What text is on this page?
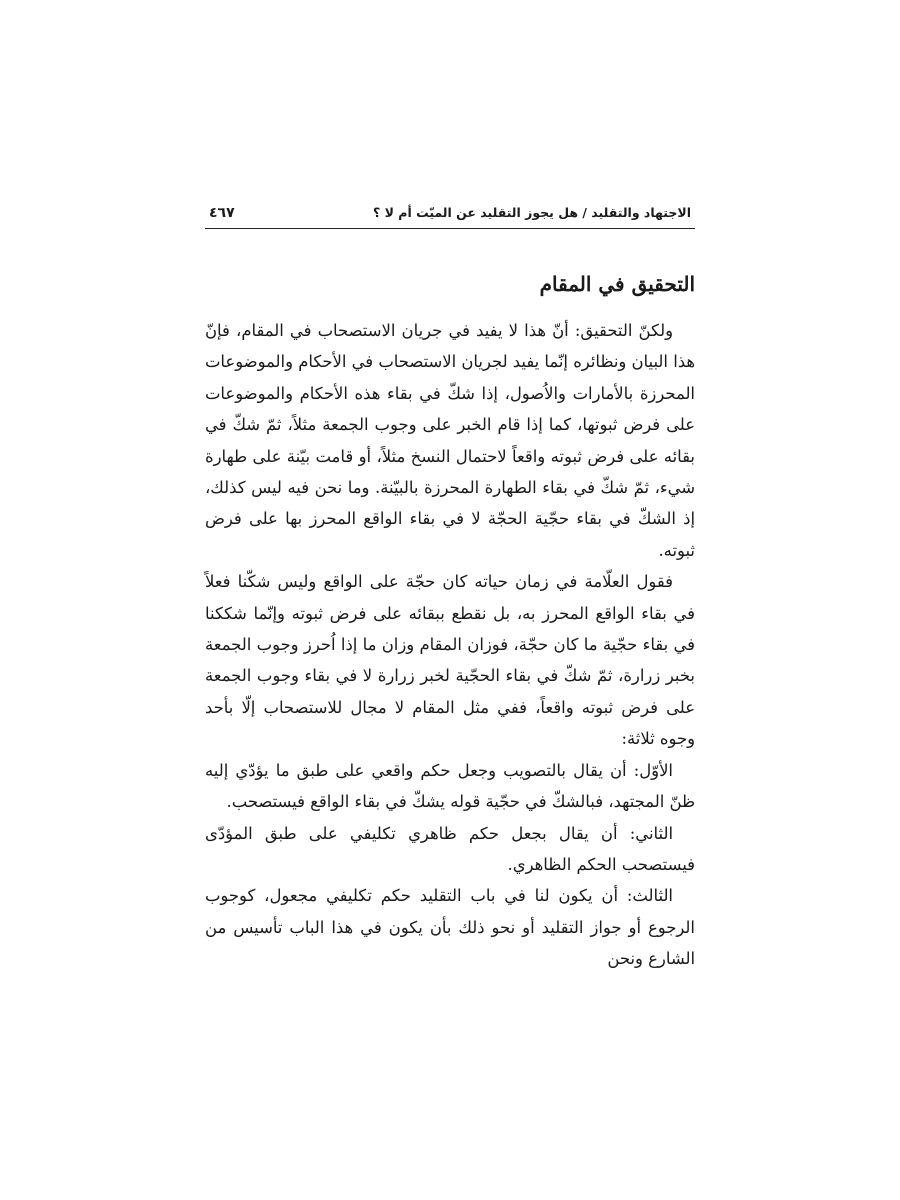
الاجتهاد والتقليد / هل يجوز التقليد عن الميّت أم لا ؟
٤٦٧
التحقيق في المقام

ولكنّ التحقيق: أنّ هذا لا يفيد في جريان الاستصحاب في المقام، فإنّ هذا البيان ونظائره إنّما يفيد لجريان الاستصحاب في الأحكام والموضوعات المحرزة بالأمارات والاُصول، إذا شكّ في بقاء هذه الأحكام والموضوعات على فرض ثبوتها، كما إذا قام الخبر على وجوب الجمعة مثلاً، ثمّ شكّ في بقائه على فرض ثبوته واقعاً لاحتمال النسخ مثلاً، أو قامت بيّنة على طهارة شيء، ثمّ شكّ في بقاء الطهارة المحرزة بالبيّنة. وما نحن فيه ليس كذلك، إذ الشكّ في بقاء حجّية الحجّة لا في بقاء الواقع المحرز بها على فرض ثبوته.

فقول العلّامة في زمان حياته كان حجّة على الواقع وليس شكّنا فعلاً في بقاء الواقع المحرز به، بل نقطع ببقائه على فرض ثبوته وإنّما شككنا في بقاء حجّية ما كان حجّة، فوزان المقام وزان ما إذا اُحرز وجوب الجمعة بخبر زرارة، ثمّ شكّ في بقاء الحجّية لخبر زرارة لا في بقاء وجوب الجمعة على فرض ثبوته واقعاً، ففي مثل المقام لا مجال للاستصحاب إلّا بأحد وجوه ثلاثة:

الأوّل: أن يقال بالتصويب وجعل حكم واقعي على طبق ما يؤدّي إليه ظنّ المجتهد، فبالشكّ في حجّية قوله يشكّ في بقاء الواقع فيستصحب.

الثاني: أن يقال بجعل حكم ظاهري تكليفي على طبق المؤدّى فيستصحب الحكم الظاهري.

الثالث: أن يكون لنا في باب التقليد حكم تكليفي مجعول، كوجوب الرجوع أو جواز التقليد أو نحو ذلك بأن يكون في هذا الباب تأسيس من الشارع ونحن
